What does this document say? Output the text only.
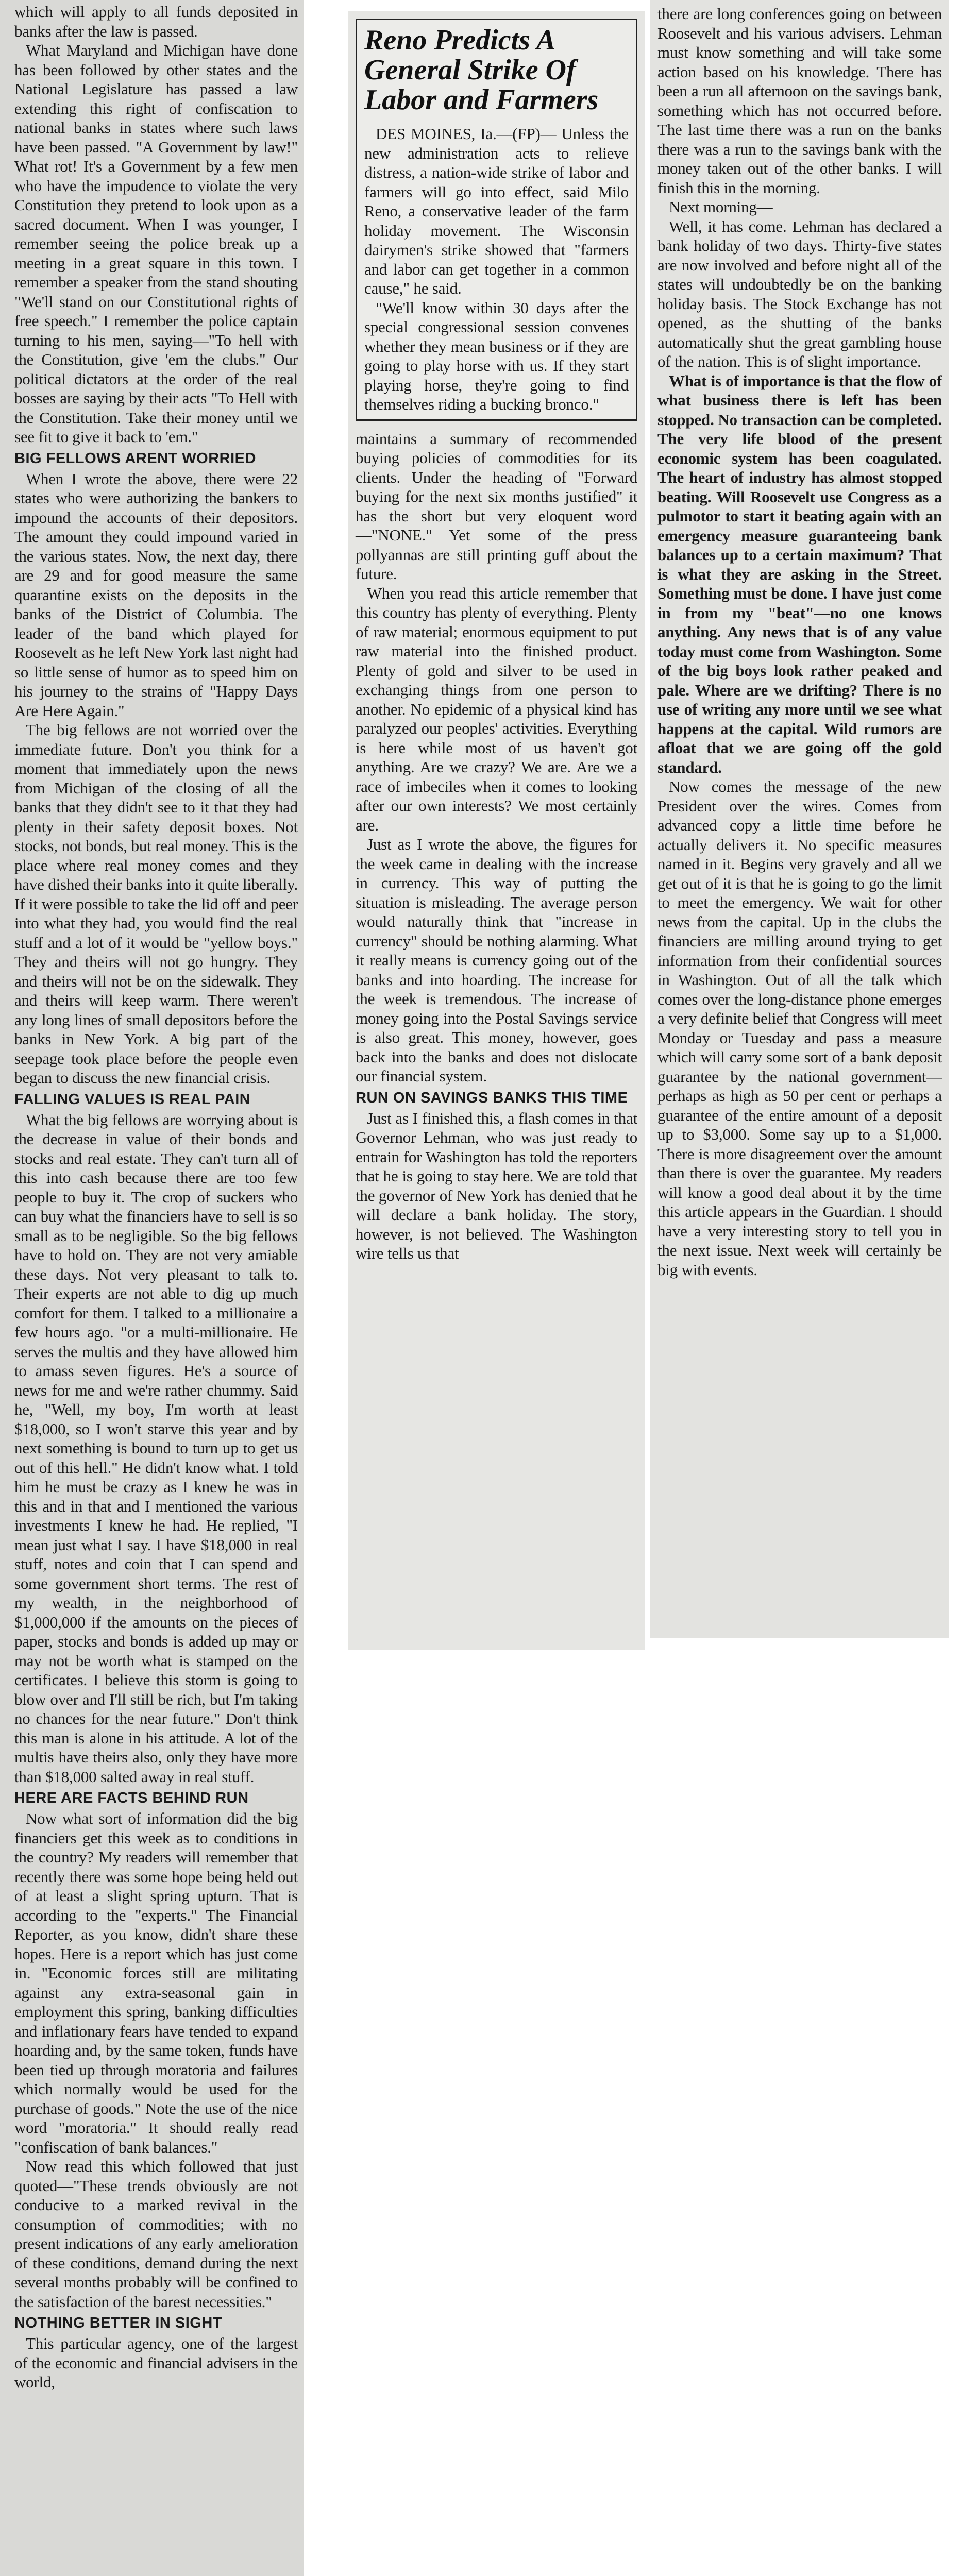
which will apply to all funds deposited in banks after the law is passed.

What Maryland and Michigan have done has been followed by other states and the National Legislature has passed a law extending this right of confiscation to national banks in states where such laws have been passed. "A Government by law!" What rot! It's a Government by a few men who have the impudence to violate the very Constitution they pretend to look upon as a sacred document. When I was younger, I remember seeing the police break up a meeting in a great square in this town. I remember a speaker from the stand shouting "We'll stand on our Constitutional rights of free speech." I remember the police captain turning to his men, saying—"To hell with the Constitution, give 'em the clubs." Our political dictators at the order of the real bosses are saying by their acts "To Hell with the Constitution. Take their money until we see fit to give it back to 'em."

BIG FELLOWS ARENT WORRIED

When I wrote the above, there were 22 states who were authorizing the bankers to impound the accounts of their depositors. The amount they could impound varied in the various states. Now, the next day, there are 29 and for good measure the same quarantine exists on the deposits in the banks of the District of Columbia. The leader of the band which played for Roosevelt as he left New York last night had so little sense of humor as to speed him on his journey to the strains of "Happy Days Are Here Again."

The big fellows are not worried over the immediate future. Don't you think for a moment that immediately upon the news from Michigan of the closing of all the banks that they didn't see to it that they had plenty in their safety deposit boxes. Not stocks, not bonds, but real money. This is the place where real money comes and they have dished their banks into it quite liberally. If it were possible to take the lid off and peer into what they had, you would find the real stuff and a lot of it would be "yellow boys." They and theirs will not go hungry. They and theirs will not be on the sidewalk. They and theirs will keep warm. There weren't any long lines of small depositors before the banks in New York. A big part of the seepage took place before the people even began to discuss the new financial crisis.

FALLING VALUES IS REAL PAIN

What the big fellows are worrying about is the decrease in value of their bonds and stocks and real estate. They can't turn all of this into cash because there are too few people to buy it. The crop of suckers who can buy what the financiers have to sell is so small as to be negligible. So the big fellows have to hold on. They are not very amiable these days. Not very pleasant to talk to. Their experts are not able to dig up much comfort for them. I talked to a millionaire a few hours ago. "or a multi-millionaire. He serves the multis and they have allowed him to amass seven figures. He's a source of news for me and we're rather chummy. Said he, "Well, my boy, I'm worth at least $18,000, so I won't starve this year and by next something is bound to turn up to get us out of this hell." He didn't know what. I told him he must be crazy as I knew he was in this and in that and I mentioned the various investments I knew he had. He replied, "I mean just what I say. I have $18,000 in real stuff, notes and coin that I can spend and some government short terms. The rest of my wealth, in the neighborhood of $1,000,000 if the amounts on the pieces of paper, stocks and bonds is added up may or may not be worth what is stamped on the certificates. I believe this storm is going to blow over and I'll still be rich, but I'm taking no chances for the near future." Don't think this man is alone in his attitude. A lot of the multis have theirs also, only they have more than $18,000 salted away in real stuff.

HERE ARE FACTS BEHIND RUN

Now what sort of information did the big financiers get this week as to conditions in the country? My readers will remember that recently there was some hope being held out of at least a slight spring upturn. That is according to the "experts." The Financial Reporter, as you know, didn't share these hopes. Here is a report which has just come in. "Economic forces still are militating against any extra-seasonal gain in employment this spring, banking difficulties and inflationary fears have tended to expand hoarding and, by the same token, funds have been tied up through moratoria and failures which normally would be used for the purchase of goods." Note the use of the nice word "moratoria." It should really read "confiscation of bank balances."

Now read this which followed that just quoted—"These trends obviously are not conducive to a marked revival in the consumption of commodities; with no present indications of any early amelioration of these conditions, demand during the next several months probably will be confined to the satisfaction of the barest necessities."

NOTHING BETTER IN SIGHT

This particular agency, one of the largest of the economic and financial advisers in the world,

Reno Predicts A General Strike Of Labor and Farmers

DES MOINES, Ia.—(FP)— Unless the new administration acts to relieve distress, a nation-wide strike of labor and farmers will go into effect, said Milo Reno, a conservative leader of the farm holiday movement. The Wisconsin dairymen's strike showed that "farmers and labor can get together in a common cause," he said.

"We'll know within 30 days after the special congressional session convenes whether they mean business or if they are going to play horse with us. If they start playing horse, they're going to find themselves riding a bucking bronco."

maintains a summary of recommended buying policies of commodities for its clients. Under the heading of "Forward buying for the next six months justified" it has the short but very eloquent word—"NONE." Yet some of the press pollyannas are still printing guff about the future.

When you read this article remember that this country has plenty of everything. Plenty of raw material; enormous equipment to put raw material into the finished product. Plenty of gold and silver to be used in exchanging things from one person to another. No epidemic of a physical kind has paralyzed our peoples' activities. Everything is here while most of us haven't got anything. Are we crazy? We are. Are we a race of imbeciles when it comes to looking after our own interests? We most certainly are.

Just as I wrote the above, the figures for the week came in dealing with the increase in currency. This way of putting the situation is misleading. The average person would naturally think that "increase in currency" should be nothing alarming. What it really means is currency going out of the banks and into hoarding. The increase for the week is tremendous. The increase of money going into the Postal Savings service is also great. This money, however, goes back into the banks and does not dislocate our financial system.

RUN ON SAVINGS BANKS THIS TIME

Just as I finished this, a flash comes in that Governor Lehman, who was just ready to entrain for Washington has told the reporters that he is going to stay here. We are told that the governor of New York has denied that he will declare a bank holiday. The story, however, is not believed. The Washington wire tells us that

there are long conferences going on between Roosevelt and his various advisers. Lehman must know something and will take some action based on his knowledge. There has been a run all afternoon on the savings bank, something which has not occurred before. The last time there was a run on the banks there was a run to the savings bank with the money taken out of the other banks. I will finish this in the morning.

Next morning—

Well, it has come. Lehman has declared a bank holiday of two days. Thirty-five states are now involved and before night all of the states will undoubtedly be on the banking holiday basis. The Stock Exchange has not opened, as the shutting of the banks automatically shut the great gambling house of the nation. This is of slight importance.

What is of importance is that the flow of what business there is left has been stopped. No transaction can be completed. The very life blood of the present economic system has been coagulated. The heart of industry has almost stopped beating. Will Roosevelt use Congress as a pulmotor to start it beating again with an emergency measure guaranteeing bank balances up to a certain maximum? That is what they are asking in the Street. Something must be done. I have just come in from my "beat"—no one knows anything. Any news that is of any value today must come from Washington. Some of the big boys look rather peaked and pale. Where are we drifting? There is no use of writing any more until we see what happens at the capital. Wild rumors are afloat that we are going off the gold standard.

Now comes the message of the new President over the wires. Comes from advanced copy a little time before he actually delivers it. No specific measures named in it. Begins very gravely and all we get out of it is that he is going to go the limit to meet the emergency. We wait for other news from the capital. Up in the clubs the financiers are milling around trying to get information from their confidential sources in Washington. Out of all the talk which comes over the long-distance phone emerges a very definite belief that Congress will meet Monday or Tuesday and pass a measure which will carry some sort of a bank deposit guarantee by the national government—perhaps as high as 50 per cent or perhaps a guarantee of the entire amount of a deposit up to $3,000. Some say up to a $1,000. There is more disagreement over the amount than there is over the guarantee. My readers will know a good deal about it by the time this article appears in the Guardian. I should have a very interesting story to tell you in the next issue. Next week will certainly be big with events.
